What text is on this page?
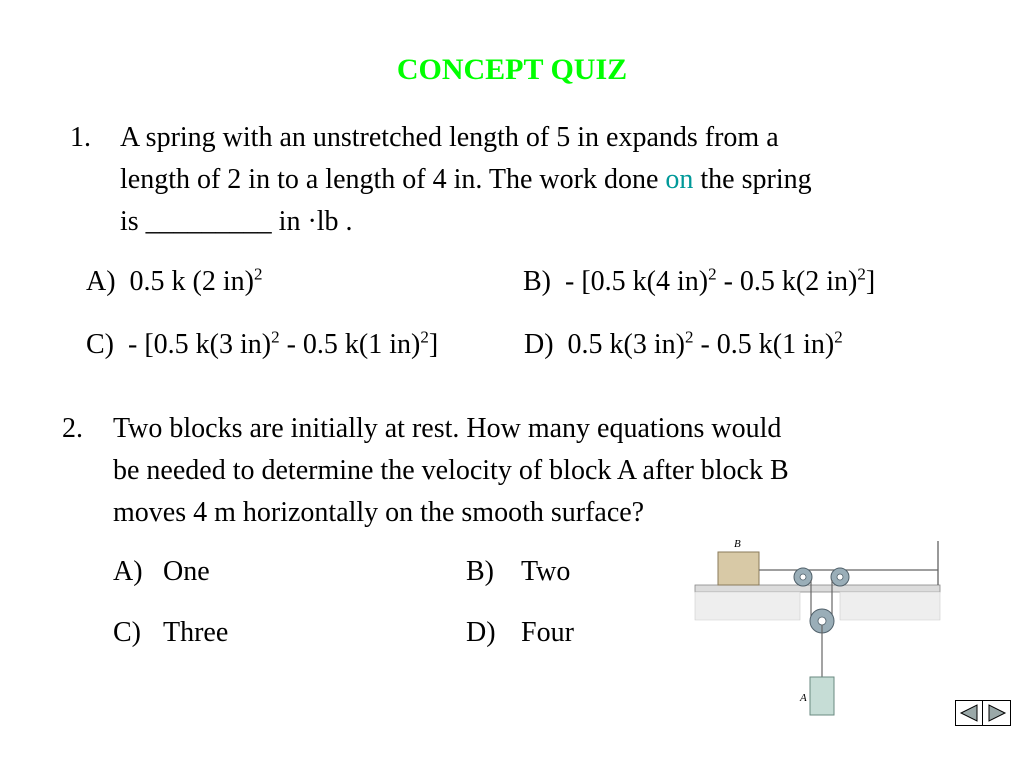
CONCEPT QUIZ
1. A spring with an unstretched length of 5 in expands from a
length of 2 in to a length of 4 in. The work done on the spring
is _________ in ·lb .
A) 0.5 k (2 in)$^2$	B) - [0.5 k(4 in)$^2$ - 0.5 k(2 in)$^2$]
C) - [0.5 k(3 in)$^2$ - 0.5 k(1 in)$^2$]	D) 0.5 k(3 in)$^2$ - 0.5 k(1 in)$^2$
2. Two blocks are initially at rest. How many equations would
be needed to determine the velocity of block A after block B
moves 4 m horizontally on the smooth surface?
A) One	B) Two
C) Three	D) Four
B
A
